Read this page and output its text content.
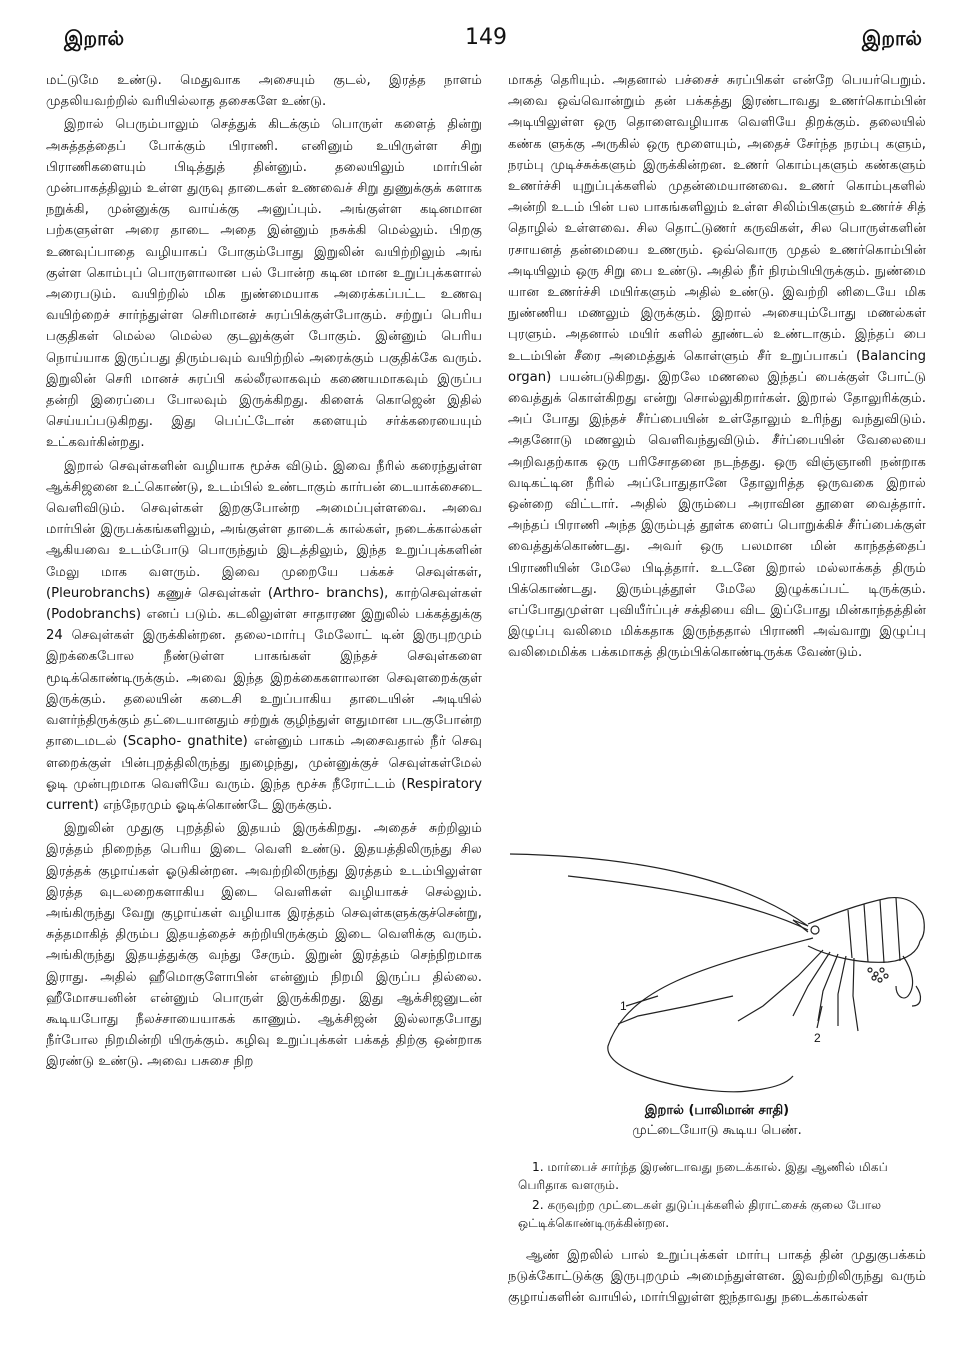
இறால்	149	இறால்

மட்டுமே உண்டு. மெதுவாக அசையும் குடல், இரத்த நாளம் முதலியவற்றில் வரியில்லாத தசைகளே உண்டு.

இறால் பெரும்பாலும் செத்துக் கிடக்கும் பொருள் களைத் தின்று அசுத்தத்தைப் போக்கும் பிராணி. எனினும் உயிருள்ள சிறு பிராணிகளையும் பிடித்துத் தின்னும். தலையிலும் மார்பின் முன்பாகத்திலும் உள்ள துருவு தாடைகள் உணவைச் சிறு துணுக்குக் களாக நறுக்கி, முன்னுக்கு வாய்க்கு அனுப்பும். அங்குள்ள கடினமான பற்களுள்ள அரை தாடை அதை இன்னும் நசுக்கி மெல்லும். பிறகு உணவுப்பாதை வழியாகப் போகும்போது இறுலின் வயிற்றிலும் அங் குள்ள கொம்புப் பொருளாலான பல் போன்ற கடின மான உறுப்புக்களால் அரைபடும். வயிற்றில் மிக நுண்மையாக அரைக்கப்பட்ட உணவு வயிற்றைச் சார்ந்துள்ள செரிமானச் சுரப்பிக்குள்போகும். சற்றுப் பெரிய பகுதிகள் மெல்ல மெல்ல குடலுக்குள் போகும். இன்னும் பெரிய நொய்யாக இருப்பது திரும்பவும் வயிற்றில் அரைக்கும் பகுதிக்கே வரும். இறுலின் செரி மானச் சுரப்பி கல்லீரலாகவும் கணையமாகவும் இருப்ப தன்றி இரைப்பை போலவும் இருக்கிறது. கிளைக் கொஜென் இதில் செய்யப்படுகிறது. இது பெப்ட்டோன் களையும் சர்க்கரையையும் உட்கவர்கின்றது.

இறால் செவுள்களின் வழியாக மூச்சு விடும். இவை நீரில் கரைந்துள்ள ஆக்சிஜனை உட்கொண்டு, உடம்பில் உண்டாகும் கார்பன் டையாக்சைடை வெளிவிடும். செவுள்கள் இறகுபோன்ற அமைப்புள்ளவை. அவை மார்பின் இருபக்கங்களிலும், அங்குள்ள தாடைக் கால்கள், நடைக்கால்கள் ஆகியவை உடம்போடு பொருந்தும் இடத்திலும், இந்த உறுப்புக்களின் மேலு மாக வளரும். இவை முறையே பக்கச் செவுள்கள், (Pleurobranchs) கணுச் செவுள்கள் (Arthro- branchs), காற்செவுள்கள் (Podobranchs) எனப் படும். கடலிலுள்ள சாதாரண இறுலில் பக்கத்துக்கு 24 செவுள்கள் இருக்கின்றன. தலை-மார்பு மேலோட் டின் இருபுறமும் இறக்கைபோல நீண்டுள்ள பாகங்கள் இந்தச் செவுள்களை மூடிக்கொண்டிருக்கும். அவை இந்த இறக்கைகளாலான செவுளறைக்குள் இருக்கும். தலையின் கடைசி உறுப்பாகிய தாடையின் அடியில் வளர்ந்திருக்கும் தட்டையானதும் சற்றுக் குழிந்துள் ளதுமான படகுபோன்ற தாடைமடல் (Scapho- gnathite) என்னும் பாகம் அசைவதால் நீர் செவு ளறைக்குள் பின்புறத்திலிருந்து நுழைந்து, முன்னுக்குச் செவுள்கள்மேல் ஓடி முன்புறமாக வெளியே வரும். இந்த மூச்சு நீரோட்டம் (Respiratory current) எந்நேரமும் ஓடிக்கொண்டே இருக்கும்.

இறுலின் முதுகு புறத்தில் இதயம் இருக்கிறது. அதைச் சுற்றிலும் இரத்தம் நிறைந்த பெரிய இடை வெளி உண்டு. இதயத்திலிருந்து சில இரத்தக் குழாய்கள் ஓடுகின்றன. அவற்றிலிருந்து இரத்தம் உடம்பிலுள்ள இரத்த வுடலறைகளாகிய இடை வெளிகள் வழியாகச் செல்லும். அங்கிருந்து வேறு குழாய்கள் வழியாக இரத்தம் செவுள்களுக்குச்சென்று, சுத்தமாகித் திரும்ப இதயத்தைச் சுற்றியிருக்கும் இடை வெளிக்கு வரும். அங்கிருந்து இதயத்துக்கு வந்து சேரும். இறுன் இரத்தம் செந்நிறமாக இராது. அதில் ஹீமொகுளோபின் என்னும் நிறமி இருப்ப தில்லை. ஹீமோசயனின் என்னும் பொருள் இருக்கிறது. இது ஆக்சிஜனுடன் கூடியபோது நீலச்சாயையாகக் காணும். ஆக்சிஜன் இல்லாதபோது நீர்போல நிறமின்றி யிருக்கும். கழிவு உறுப்புக்கள் பக்கத் திற்கு ஒன்றாக இரண்டு உண்டு. அவை பசுசை நிற

மாகத் தெரியும். அதனால் பச்சைச் சுரப்பிகள் என்றே பெயர்பெறும். அவை ஒவ்வொன்றும் தன் பக்கத்து இரண்டாவது உணர்கொம்பின் அடியிலுள்ள ஒரு தொளைவழியாக வெளியே திறக்கும். தலையில் கண்க ளுக்கு அருகில் ஒரு மூளையும், அதைச் சேர்ந்த நரம்பு களும், நரம்பு முடிச்சுக்களும் இருக்கின்றன. உணர் கொம்புகளும் கண்களும் உணர்ச்சி யுறுப்புக்களில் முதன்மையானவை. உணர் கொம்புகளில் அன்றி உடம் பின் பல பாகங்களிலும் உள்ள சிலிம்பிகளும் உணர்ச் சித் தொழில் உள்ளவை. சில தொட்டுணர் கருவிகள், சில பொருள்களின் ரசாயனத் தன்மையை உணரும். ஒவ்வொரு முதல் உணர்கொம்பின் அடியிலும் ஒரு சிறு பை உண்டு. அதில் நீர் நிரம்பியிருக்கும். நுண்மை யான உணர்ச்சி மயிர்களும் அதில் உண்டு. இவற்றி னிடையே மிக நுண்ணிய மணலும் இருக்கும். இறால் அசையும்போது மணல்கள் புரளும். அதனால் மயிர் களில் தூண்டல் உண்டாகும். இந்தப் பை உடம்பின் சீரை அமைத்துக் கொள்ளும் சீர் உறுப்பாகப் (Balancing organ) பயன்படுகிறது. இறலே மணலை இந்தப் பைக்குள் போட்டு வைத்துக் கொள்கிறது என்று சொல்லுகிறார்கள். இறால் தோலுரிக்கும். அப் போது இந்தச் சீர்ப்பையின் உள்தோலும் உரிந்து வந்துவிடும். அதனோடு மணலும் வெளிவந்துவிடும். சீர்ப்பையின் வேலையை அறிவதற்காக ஒரு பரிசோதனை நடந்தது. ஒரு விஞ்ஞானி நன்றாக வடிகட்டின நீரில் அப்போதுதானே தோலுரித்த ஒருவகை இறால் ஒன்றை விட்டார். அதில் இரும்பை அராவின தூளை வைத்தார். அந்தப் பிராணி அந்த இரும்புத் தூள்க ளைப் பொறுக்கிச் சீர்ப்பைக்குள் வைத்துக்கொண்டது. அவர் ஒரு பலமான மின் காந்தத்தைப் பிராணியின் மேலே பிடித்தார். உடனே இறால் மல்லாக்கத் திரும் பிக்கொண்டது. இரும்புத்தூள் மேலே இழுக்கப்பட் டிருக்கும். எப்போதுமுள்ள புவியீர்ப்புச் சக்தியை விட இப்போது மின்காந்தத்தின் இழுப்பு வலிமை மிக்கதாக இருந்ததால் பிராணி அவ்வாறு இழுப்பு வலிமைமிக்க பக்கமாகத் திரும்பிக்கொண்டிருக்க வேண்டும்.

1
2
இறால் (பாலிமான் சாதி)
முட்டையோடு கூடிய பெண்.

1. மார்பைச் சார்ந்த இரண்டாவது நடைக்கால். இது ஆணில் மிகப் பெரிதாக வளரும்.

2. கருவுற்ற முட்டைகள் துடுப்புக்களில் திராட்சைக் குலை போல ஒட்டிக்கொண்டிருக்கின்றன.

ஆண் இறலில் பால் உறுப்புக்கள் மார்பு பாகத் தின் முதுகுபக்கம் நடுக்கோட்டுக்கு இருபுறமும் அமைந்துள்ளன. இவற்றிலிருந்து வரும் குழாய்களின் வாயில், மார்பிலுள்ள ஐந்தாவது நடைக்கால்கள்
